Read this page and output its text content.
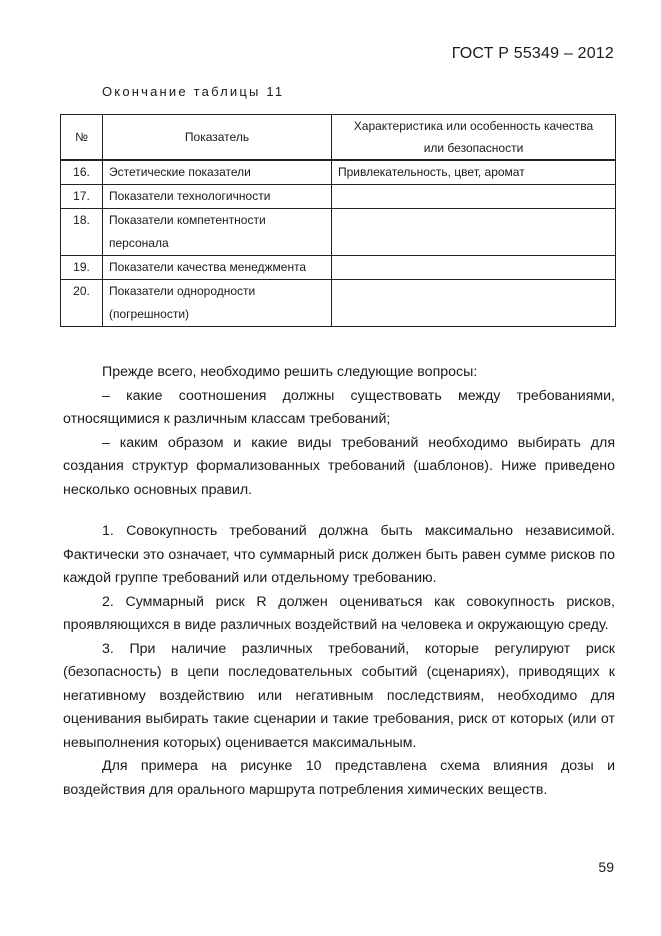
ГОСТ Р 55349 – 2012
Окончание таблицы 11
№	Показатель	Характеристика или особенность качества или безопасности
16.	Эстетические показатели	Привлекательность, цвет, аромат
17.	Показатели технологичности	
18.	Показатели компетентности персонала	
19.	Показатели качества менеджмента	
20.	Показатели однородности (погрешности)	

Прежде всего, необходимо решить следующие вопросы:

– какие соотношения должны существовать между требованиями, относящимися к различным классам требований;

– каким образом и какие виды требований необходимо выбирать для создания структур формализованных требований (шаблонов). Ниже приведено несколько основных правил.

1. Совокупность требований должна быть максимально независимой. Фактически это означает, что суммарный риск должен быть равен сумме рисков по каждой группе требований или отдельному требованию.

2. Суммарный риск R должен оцениваться как совокупность рисков, проявляющихся в виде различных воздействий на человека и окружающую среду.

3. При наличие различных требований, которые регулируют риск (безопасность) в цепи последовательных событий (сценариях), приводящих к негативному воздействию или негативным последствиям, необходимо для оценивания выбирать такие сценарии и такие требования, риск от которых (или от невыполнения которых) оценивается максимальным.

Для примера на рисунке 10 представлена схема влияния дозы и воздействия для орального маршрута потребления химических веществ.

59
